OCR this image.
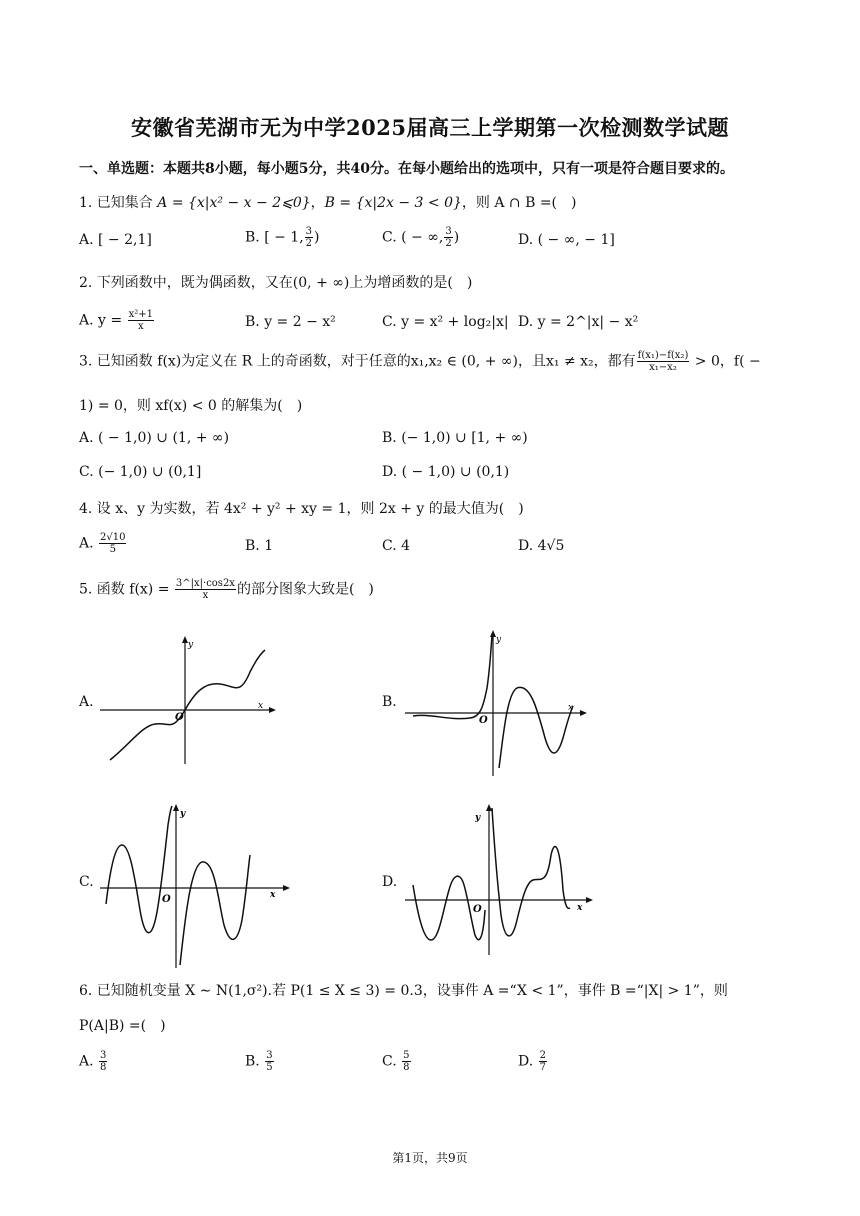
安徽省芜湖市无为中学2025届高三上学期第一次检测数学试题
一、单选题：本题共8小题，每小题5分，共40分。在每小题给出的选项中，只有一项是符合题目要求的。
1. 已知集合 A = {x|x² − x − 2⩽0}，B = {x|2x − 3 < 0}，则 A ∩ B =(　)
A. [ − 2,1]	B. [ − 1, $\frac{3}{2}$ )	C. ( − ∞, $\frac{3}{2}$ )	D. ( − ∞, − 1]
2. 下列函数中，既为偶函数，又在(0, + ∞)上为增函数的是(　)
A. $y = \frac{\text{x²+1}}{x}$	B. y = 2 − x²	C. y = x² + log₂|x| D. y = 2^|x| − x²
3. 已知函数 f(x)为定义在 R 上的奇函数，对于任意的x₁,x₂ ∈ (0, + ∞)，且x₁ ≠ x₂，都有 $\frac{\text{f(x₁)−f(x₂)}}{\text{x₁−x₂}} > 0$，f( −
1) = 0，则 xf(x) < 0 的解集为(　)
A. ( − 1,0) ∪ (1, + ∞)	B. (− 1,0) ∪ [1, + ∞)
C. (− 1,0) ∪ (0,1]	D. ( − 1,0) ∪ (0,1)
4. 设 x、y 为实数，若 4x² + y² + xy = 1，则 2x + y 的最大值为(　)
A. $\frac{2√10}{5}$	B. 1	C. 4	D. 4√5
5. 函数 $f(x) = \frac{3\^{}|x|\cdot\cos 2x}{x}$ 的部分图象大致是(　)
A.
y
x
O
B.
y
x
O
C.
y
x
O
D.
y
x
O
6. 已知随机变量 X ∼ N(1,σ²).若 P(1 ≤ X ≤ 3) = 0.3，设事件 A =“X < 1”，事件 B =“|X| > 1”，则
P(A|B) =(　)
A. $\frac{3}{8}$	B. $\frac{3}{5}$	C. $\frac{5}{8}$	D. $\frac{2}{7}$
第1页，共9页
